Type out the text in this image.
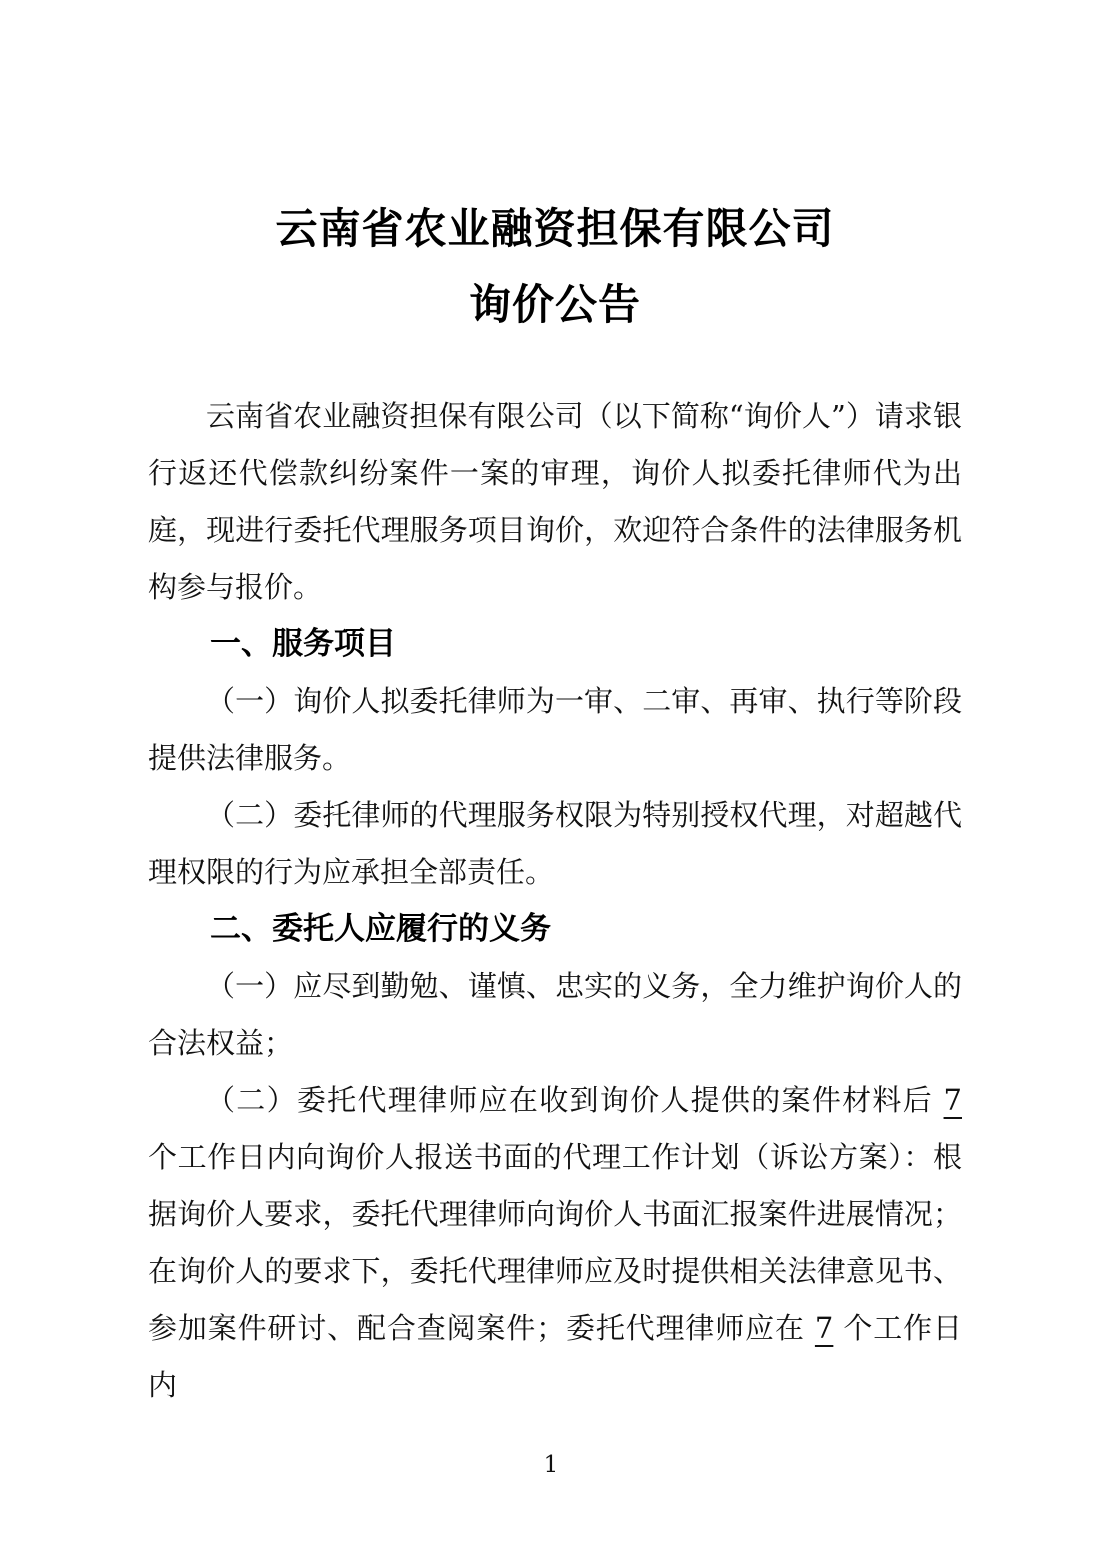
云南省农业融资担保有限公司
询价公告

云南省农业融资担保有限公司（以下简称“询价人”）请求银行返还代偿款纠纷案件一案的审理，询价人拟委托律师代为出庭，现进行委托代理服务项目询价，欢迎符合条件的法律服务机构参与报价。

一、服务项目

（一）询价人拟委托律师为一审、二审、再审、执行等阶段提供法律服务。

（二）委托律师的代理服务权限为特别授权代理，对超越代理权限的行为应承担全部责任。

二、委托人应履行的义务

（一）应尽到勤勉、谨慎、忠实的义务，全力维护询价人的合法权益；

（二）委托代理律师应在收到询价人提供的案件材料后 7 个工作日内向询价人报送书面的代理工作计划（诉讼方案）：根据询价人要求，委托代理律师向询价人书面汇报案件进展情况；在询价人的要求下，委托代理律师应及时提供相关法律意见书、参加案件研讨、配合查阅案件；委托代理律师应在 7 个工作日内

1
